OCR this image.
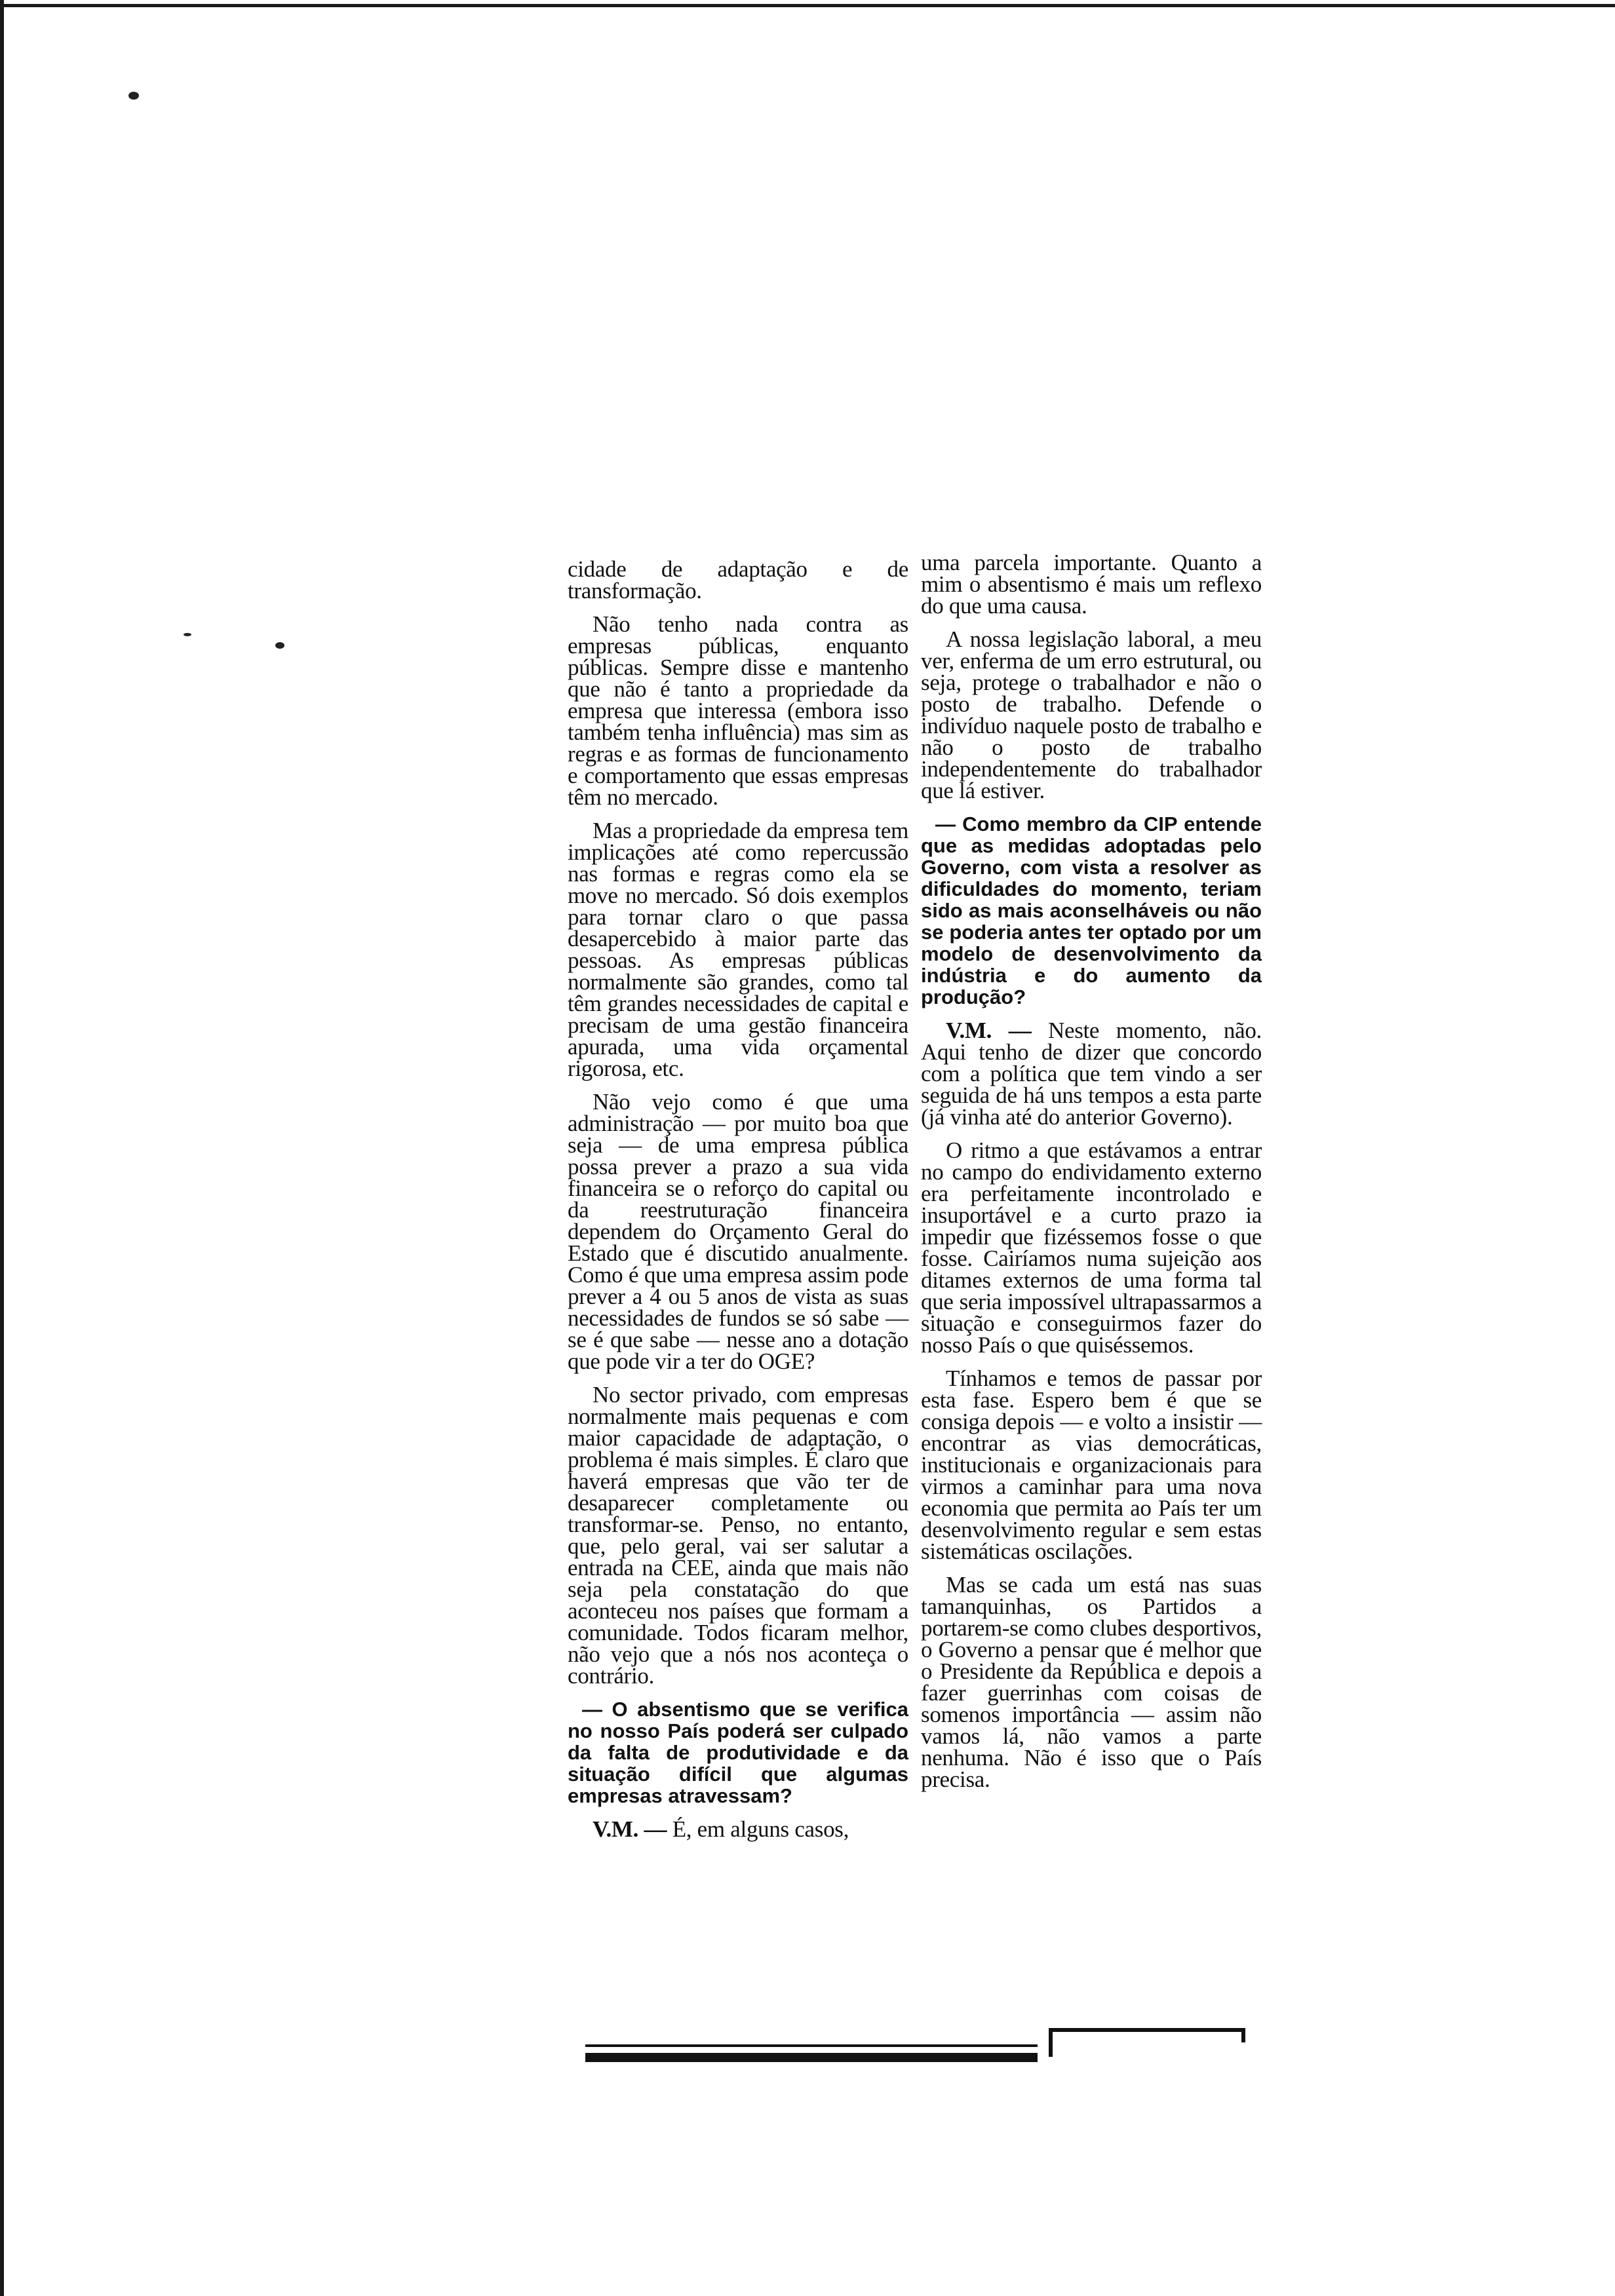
cidade de adaptação e de transformação.

Não tenho nada contra as empresas públicas, enquanto públicas. Sempre disse e mantenho que não é tanto a propriedade da empresa que interessa (embora isso também tenha influência) mas sim as regras e as formas de funcionamento e comportamento que essas empresas têm no mercado.

Mas a propriedade da empresa tem implicações até como repercussão nas formas e regras como ela se move no mercado. Só dois exemplos para tornar claro o que passa desapercebido à maior parte das pessoas. As empresas públicas normalmente são grandes, como tal têm grandes necessidades de capital e precisam de uma gestão financeira apurada, uma vida orçamental rigorosa, etc.

Não vejo como é que uma administração — por muito boa que seja — de uma empresa pública possa prever a prazo a sua vida financeira se o reforço do capital ou da reestruturação financeira dependem do Orçamento Geral do Estado que é discutido anualmente. Como é que uma empresa assim pode prever a 4 ou 5 anos de vista as suas necessidades de fundos se só sabe — se é que sabe — nesse ano a dotação que pode vir a ter do OGE?

No sector privado, com empresas normalmente mais pequenas e com maior capacidade de adaptação, o problema é mais simples. É claro que haverá empresas que vão ter de desaparecer completamente ou transformar-se. Penso, no entanto, que, pelo geral, vai ser salutar a entrada na CEE, ainda que mais não seja pela constatação do que aconteceu nos países que formam a comunidade. Todos ficaram melhor, não vejo que a nós nos aconteça o contrário.

— O absentismo que se verifica no nosso País poderá ser culpado da falta de produtividade e da situação difícil que algumas empresas atravessam?

V.M. — É, em alguns casos,

uma parcela importante. Quanto a mim o absentismo é mais um reflexo do que uma causa.

A nossa legislação laboral, a meu ver, enferma de um erro estrutural, ou seja, protege o trabalhador e não o posto de trabalho. Defende o indivíduo naquele posto de trabalho e não o posto de trabalho independentemente do trabalhador que lá estiver.

— Como membro da CIP entende que as medidas adoptadas pelo Governo, com vista a resolver as dificuldades do momento, teriam sido as mais aconselháveis ou não se poderia antes ter optado por um modelo de desenvolvimento da indústria e do aumento da produção?

V.M. — Neste momento, não. Aqui tenho de dizer que concordo com a política que tem vindo a ser seguida de há uns tempos a esta parte (já vinha até do anterior Governo).

O ritmo a que estávamos a entrar no campo do endividamento externo era perfeitamente incontrolado e insuportável e a curto prazo ia impedir que fizéssemos fosse o que fosse. Cairíamos numa sujeição aos ditames externos de uma forma tal que seria impossível ultrapassarmos a situação e conseguirmos fazer do nosso País o que quiséssemos.

Tínhamos e temos de passar por esta fase. Espero bem é que se consiga depois — e volto a insistir — encontrar as vias democráticas, institucionais e organizacionais para virmos a caminhar para uma nova economia que permita ao País ter um desenvolvimento regular e sem estas sistemáticas oscilações.

Mas se cada um está nas suas tamanquinhas, os Partidos a portarem-se como clubes desportivos, o Governo a pensar que é melhor que o Presidente da República e depois a fazer guerrinhas com coisas de somenos importância — assim não vamos lá, não vamos a parte nenhuma. Não é isso que o País precisa.
